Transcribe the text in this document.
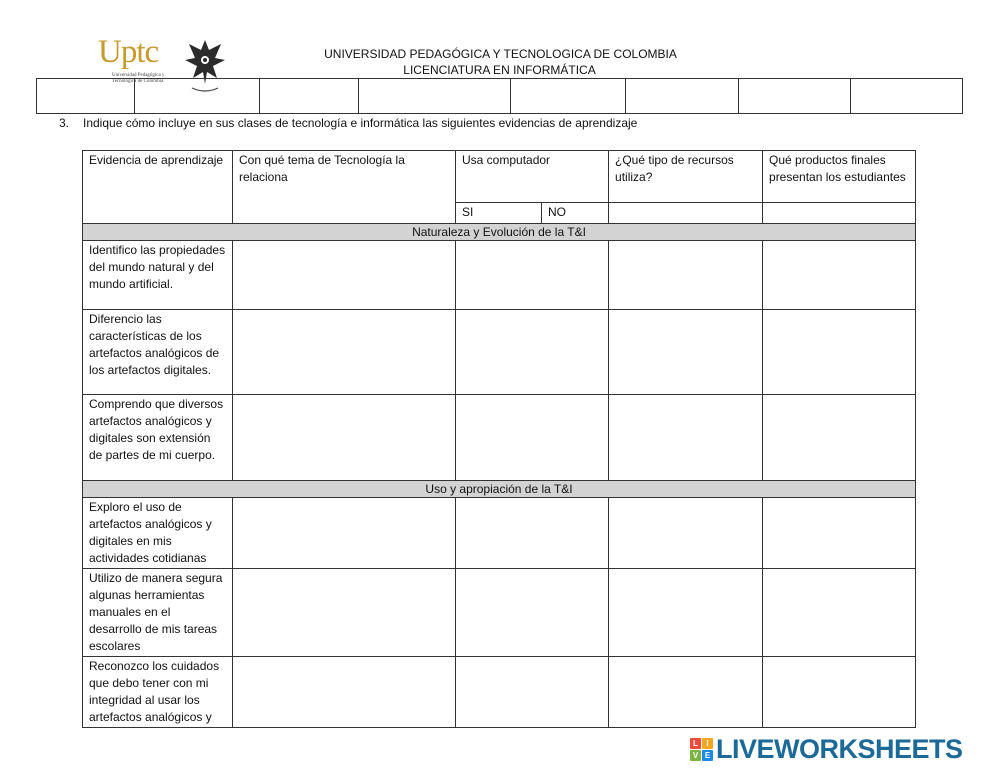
Uptc
Universidad Pedagógica y
Tecnológica de Colombia
UNIVERSIDAD PEDAGÓGICA Y TECNOLOGICA DE COLOMBIA
LICENCIATURA EN INFORMÁTICA

3. Indique cómo incluye en sus clases de tecnología e informática las siguientes evidencias de aprendizaje
Evidencia de aprendizaje	Con qué tema de Tecnología la relaciona	Usa computador		¿Qué tipo de recursos utiliza?	Qué productos finales presentan los estudiantes
		SI	NO		
Naturaleza y Evolución de la T&I					
Identifico las propiedades del mundo natural y del mundo artificial.					
Diferencio las características de los artefactos analógicos de los artefactos digitales.					
Comprendo que diversos artefactos analógicos y digitales son extensión de partes de mi cuerpo.					
Uso y apropiación de la T&I					
Exploro el uso de artefactos analógicos y digitales en mis actividades cotidianas					
Utilizo de manera segura algunas herramientas manuales en el desarrollo de mis tareas escolares					
Reconozco los cuidados que debo tener con mi integridad al usar los artefactos analógicos y					
L	I
V E LIVEWORKSHEETS
